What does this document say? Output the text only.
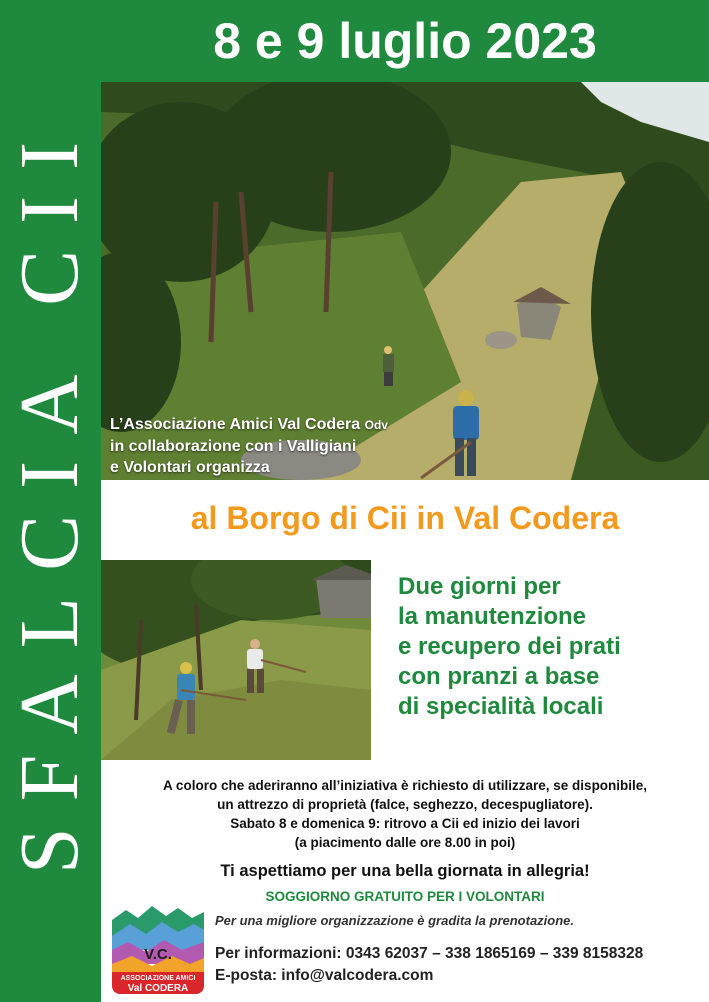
SFALCIA CII
8 e 9 luglio 2023
L’Associazione Amici Val Codera Odv
in collaborazione con i Valligiani
e Volontari organizza
al Borgo di Cii in Val Codera
Due giorni per
la manutenzione
e recupero dei prati
con pranzi a base
di specialità locali
A coloro che aderiranno all’iniziativa è richiesto di utilizzare, se disponibile,
un attrezzo di proprietà (falce, seghezzo, decespugliatore).
Sabato 8 e domenica 9: ritrovo a Cii ed inizio dei lavori
(a piacimento dalle ore 8.00 in poi)
Ti aspettiamo per una bella giornata in allegria!
SOGGIORNO GRATUITO PER I VOLONTARI
V.C.
ASSOCIAZIONE AMICI
Val CODERA
Per una migliore organizzazione è gradita la prenotazione.
Per informazioni: 0343 62037 – 338 1865169 – 339 8158328
E-posta: info@valcodera.com
